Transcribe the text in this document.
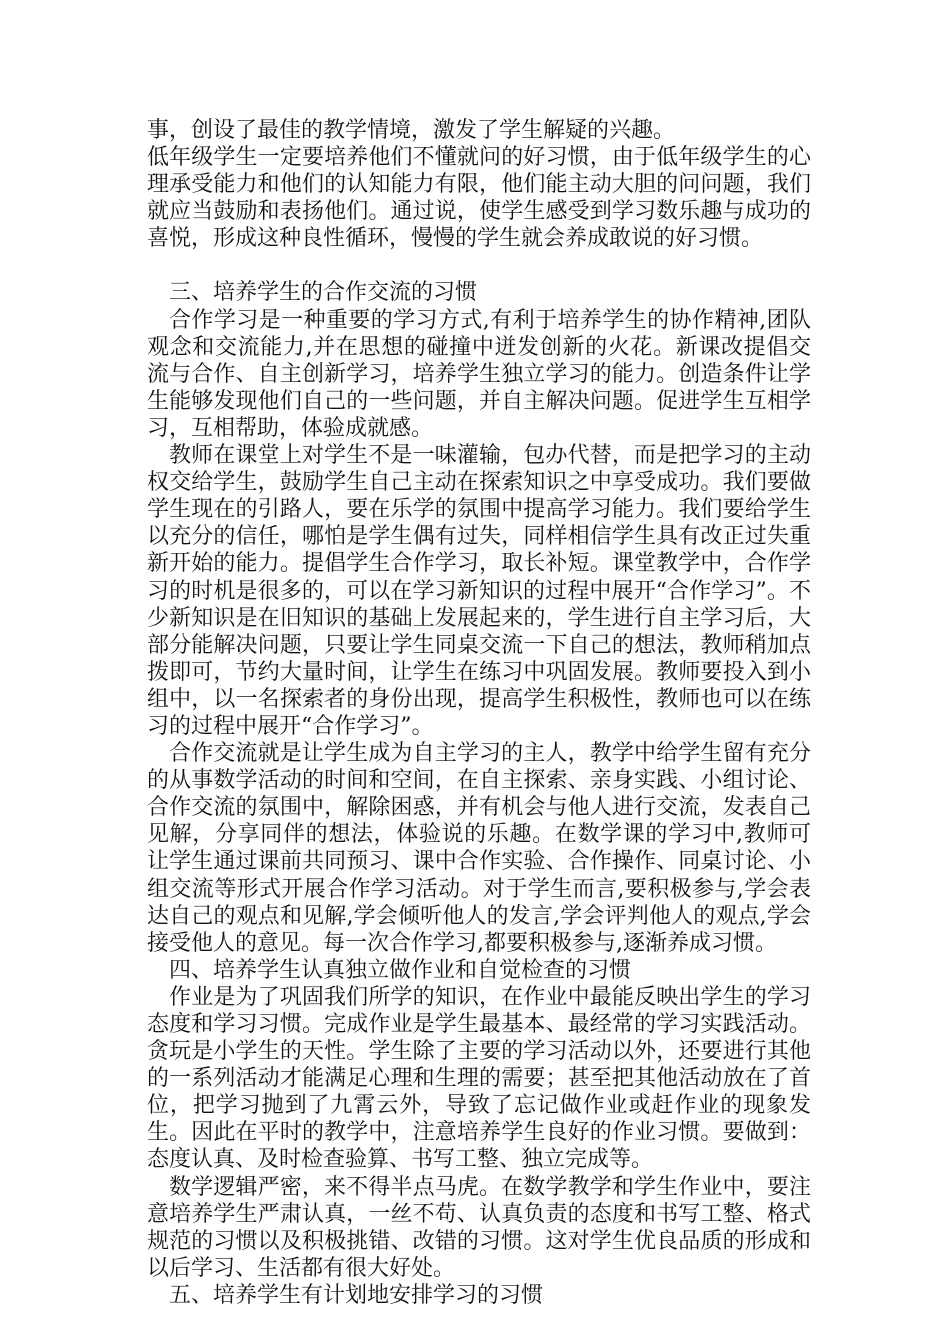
事，创设了最佳的教学情境，激发了学生解疑的兴趣。

低年级学生一定要培养他们不懂就问的好习惯，由于低年级学生的心理承受能力和他们的认知能力有限，他们能主动大胆的问问题，我们就应当鼓励和表扬他们。通过说，使学生感受到学习数乐趣与成功的喜悦，形成这种良性循环，慢慢的学生就会养成敢说的好习惯。

三、培养学生的合作交流的习惯

合作学习是一种重要的学习方式,有利于培养学生的协作精神,团队观念和交流能力,并在思想的碰撞中迸发创新的火花。新课改提倡交流与合作、自主创新学习，培养学生独立学习的能力。创造条件让学生能够发现他们自己的一些问题，并自主解决问题。促进学生互相学习，互相帮助，体验成就感。

教师在课堂上对学生不是一味灌输，包办代替，而是把学习的主动权交给学生，鼓励学生自己主动在探索知识之中享受成功。我们要做学生现在的引路人，要在乐学的氛围中提高学习能力。我们要给学生以充分的信任，哪怕是学生偶有过失，同样相信学生具有改正过失重新开始的能力。提倡学生合作学习，取长补短。课堂教学中，合作学习的时机是很多的，可以在学习新知识的过程中展开“合作学习”。不少新知识是在旧知识的基础上发展起来的，学生进行自主学习后，大部分能解决问题，只要让学生同桌交流一下自己的想法，教师稍加点拨即可，节约大量时间，让学生在练习中巩固发展。教师要投入到小组中，以一名探索者的身份出现，提高学生积极性，教师也可以在练习的过程中展开“合作学习”。

合作交流就是让学生成为自主学习的主人，教学中给学生留有充分的从事数学活动的时间和空间，在自主探索、亲身实践、小组讨论、合作交流的氛围中，解除困惑，并有机会与他人进行交流，发表自己见解，分享同伴的想法，体验说的乐趣。在数学课的学习中,教师可让学生通过课前共同预习、课中合作实验、合作操作、同桌讨论、小组交流等形式开展合作学习活动。对于学生而言,要积极参与,学会表达自己的观点和见解,学会倾听他人的发言,学会评判他人的观点,学会接受他人的意见。每一次合作学习,都要积极参与,逐渐养成习惯。

四、培养学生认真独立做作业和自觉检查的习惯

作业是为了巩固我们所学的知识，在作业中最能反映出学生的学习态度和学习习惯。完成作业是学生最基本、最经常的学习实践活动。贪玩是小学生的天性。学生除了主要的学习活动以外，还要进行其他的一系列活动才能满足心理和生理的需要；甚至把其他活动放在了首位，把学习抛到了九霄云外，导致了忘记做作业或赶作业的现象发生。因此在平时的教学中，注意培养学生良好的作业习惯。要做到：态度认真、及时检查验算、书写工整、独立完成等。

数学逻辑严密，来不得半点马虎。在数学教学和学生作业中，要注意培养学生严肃认真，一丝不苟、认真负责的态度和书写工整、格式规范的习惯以及积极挑错、改错的习惯。这对学生优良品质的形成和以后学习、生活都有很大好处。

五、培养学生有计划地安排学习的习惯
